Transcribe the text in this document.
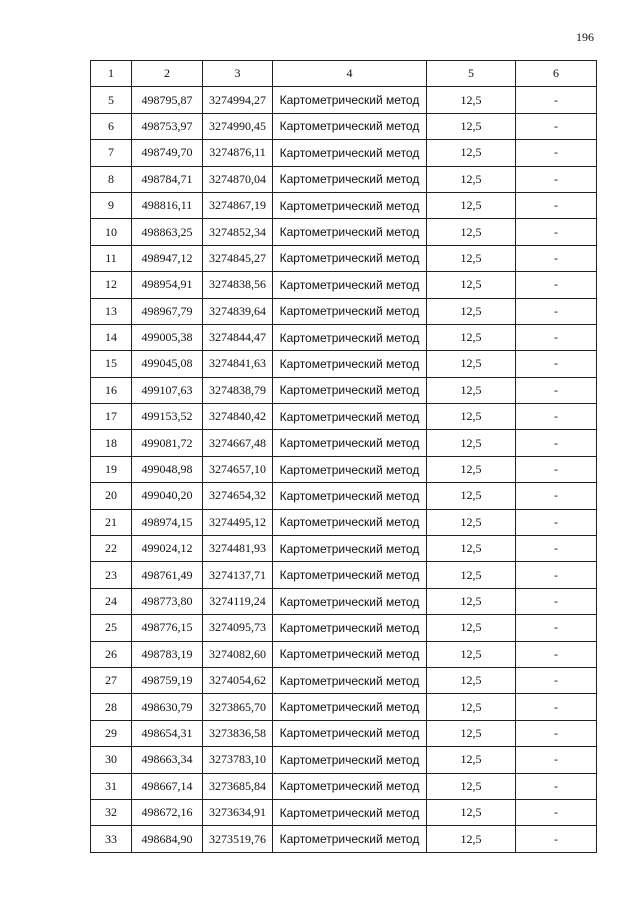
196
1	2	3	4	5	6
5	498795,87	3274994,27	Картометрический метод	12,5	-
6	498753,97	3274990,45	Картометрический метод	12,5	-
7	498749,70	3274876,11	Картометрический метод	12,5	-
8	498784,71	3274870,04	Картометрический метод	12,5	-
9	498816,11	3274867,19	Картометрический метод	12,5	-
10	498863,25	3274852,34	Картометрический метод	12,5	-
11	498947,12	3274845,27	Картометрический метод	12,5	-
12	498954,91	3274838,56	Картометрический метод	12,5	-
13	498967,79	3274839,64	Картометрический метод	12,5	-
14	499005,38	3274844,47	Картометрический метод	12,5	-
15	499045,08	3274841,63	Картометрический метод	12,5	-
16	499107,63	3274838,79	Картометрический метод	12,5	-
17	499153,52	3274840,42	Картометрический метод	12,5	-
18	499081,72	3274667,48	Картометрический метод	12,5	-
19	499048,98	3274657,10	Картометрический метод	12,5	-
20	499040,20	3274654,32	Картометрический метод	12,5	-
21	498974,15	3274495,12	Картометрический метод	12,5	-
22	499024,12	3274481,93	Картометрический метод	12,5	-
23	498761,49	3274137,71	Картометрический метод	12,5	-
24	498773,80	3274119,24	Картометрический метод	12,5	-
25	498776,15	3274095,73	Картометрический метод	12,5	-
26	498783,19	3274082,60	Картометрический метод	12,5	-
27	498759,19	3274054,62	Картометрический метод	12,5	-
28	498630,79	3273865,70	Картометрический метод	12,5	-
29	498654,31	3273836,58	Картометрический метод	12,5	-
30	498663,34	3273783,10	Картометрический метод	12,5	-
31	498667,14	3273685,84	Картометрический метод	12,5	-
32	498672,16	3273634,91	Картометрический метод	12,5	-
33	498684,90	3273519,76	Картометрический метод	12,5	-
